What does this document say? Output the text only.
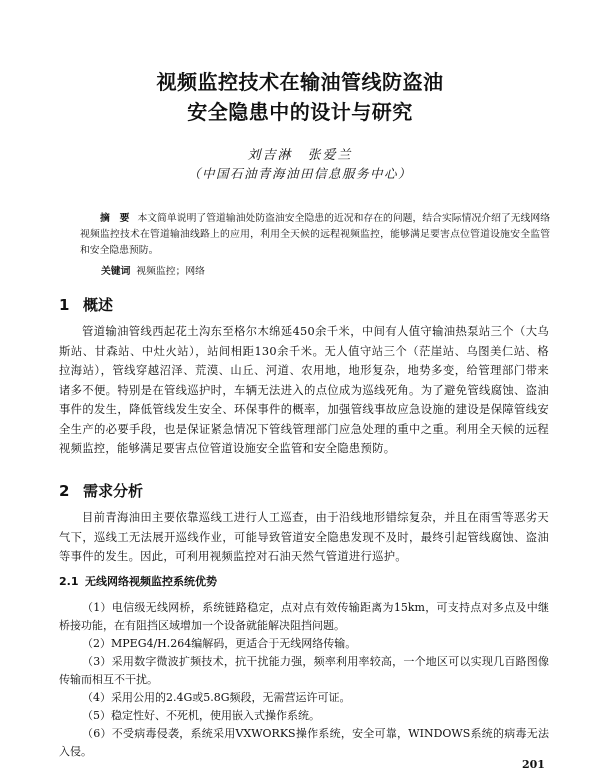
视频监控技术在输油管线防盗油
安全隐患中的设计与研究
刘吉淋　张爱兰
（中国石油青海油田信息服务中心）
摘　要 本文简单说明了管道输油处防盗油安全隐患的近况和存在的问题，结合实际情况介绍了无线网络视频监控技术在管道输油线路上的应用，利用全天候的远程视频监控，能够满足要害点位管道设施安全监管和安全隐患预防。
关键词 视频监控；网络
1 概述
管道输油管线西起花土沟东至格尔木绵延450余千米，中间有人值守输油热泵站三个（大乌斯站、甘森站、中灶火站），站间相距130余千米。无人值守站三个（茫崖站、乌图美仁站、格拉海站），管线穿越沼泽、荒漠、山丘、河道、农用地，地形复杂，地势多变，给管理部门带来诸多不便。特别是在管线巡护时，车辆无法进入的点位成为巡线死角。为了避免管线腐蚀、盗油事件的发生，降低管线发生安全、环保事件的概率，加强管线事故应急设施的建设是保障管线安全生产的必要手段，也是保证紧急情况下管线管理部门应急处理的重中之重。利用全天候的远程视频监控，能够满足要害点位管道设施安全监管和安全隐患预防。
2 需求分析
目前青海油田主要依靠巡线工进行人工巡查，由于沿线地形错综复杂，并且在雨雪等恶劣天气下，巡线工无法展开巡线作业，可能导致管道安全隐患发现不及时，最终引起管线腐蚀、盗油等事件的发生。因此，可利用视频监控对石油天然气管道进行巡护。
2.1 无线网络视频监控系统优势
（1）电信级无线网桥，系统链路稳定，点对点有效传输距离为15km，可支持点对多点及中继桥接功能，在有阻挡区域增加一个设备就能解决阻挡问题。
（2）MPEG4/H.264编解码，更适合于无线网络传输。
（3）采用数字微波扩频技术，抗干扰能力强，频率利用率较高，一个地区可以实现几百路图像传输而相互不干扰。
（4）采用公用的2.4G或5.8G频段，无需营运许可证。
（5）稳定性好、不死机，使用嵌入式操作系统。
（6）不受病毒侵袭，系统采用VXWORKS操作系统，安全可靠，WINDOWS系统的病毒无法入侵。
201
